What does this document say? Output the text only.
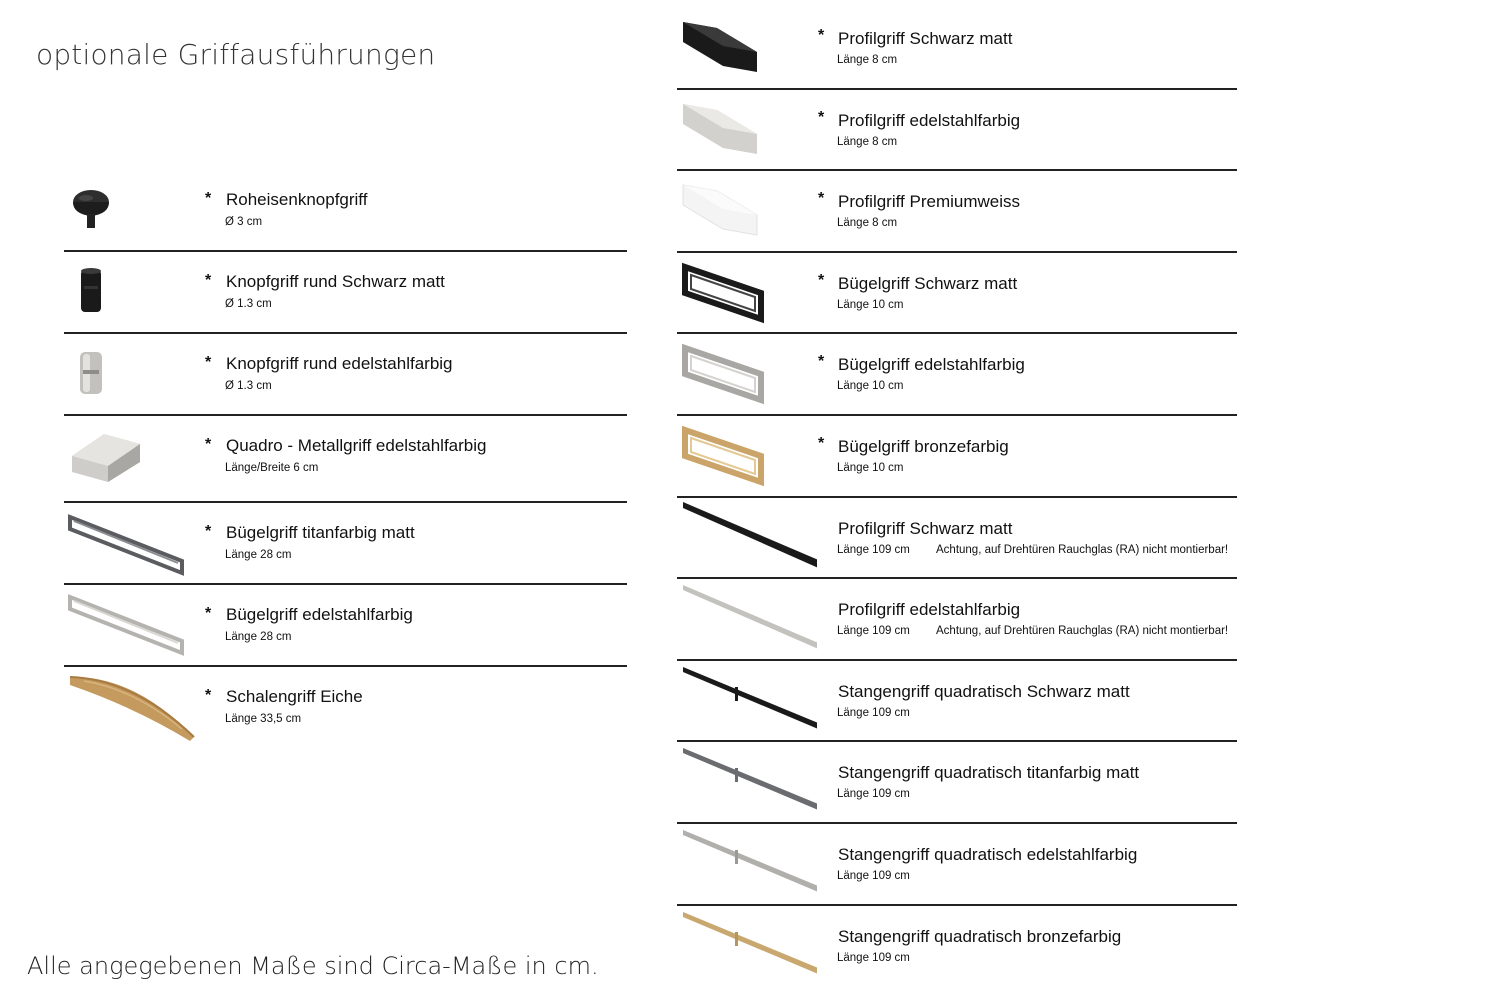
optionale Griffausführungen
* Roheisenknopfgriff
Ø 3 cm
* Knopfgriff rund Schwarz matt
Ø 1.3 cm
* Knopfgriff rund edelstahlfarbig
Ø 1.3 cm
* Quadro - Metallgriff edelstahlfarbig
Länge/Breite 6 cm
* Bügelgriff titanfarbig matt
Länge 28 cm
* Bügelgriff edelstahlfarbig
Länge 28 cm
* Schalengriff Eiche
Länge 33,5 cm
* Profilgriff Schwarz matt
Länge 8 cm
* Profilgriff edelstahlfarbig
Länge 8 cm
* Profilgriff Premiumweiss
Länge 8 cm
* Bügelgriff Schwarz matt
Länge 10 cm
* Bügelgriff edelstahlfarbig
Länge 10 cm
* Bügelgriff bronzefarbig
Länge 10 cm
Profilgriff Schwarz matt
Länge 109 cm Achtung, auf Drehtüren Rauchglas (RA) nicht montierbar!
Profilgriff edelstahlfarbig
Länge 109 cm Achtung, auf Drehtüren Rauchglas (RA) nicht montierbar!
Stangengriff quadratisch Schwarz matt
Länge 109 cm
Stangengriff quadratisch titanfarbig matt
Länge 109 cm
Stangengriff quadratisch edelstahlfarbig
Länge 109 cm
Stangengriff quadratisch bronzefarbig
Länge 109 cm
Alle angegebenen Maße sind Circa-Maße in cm.
